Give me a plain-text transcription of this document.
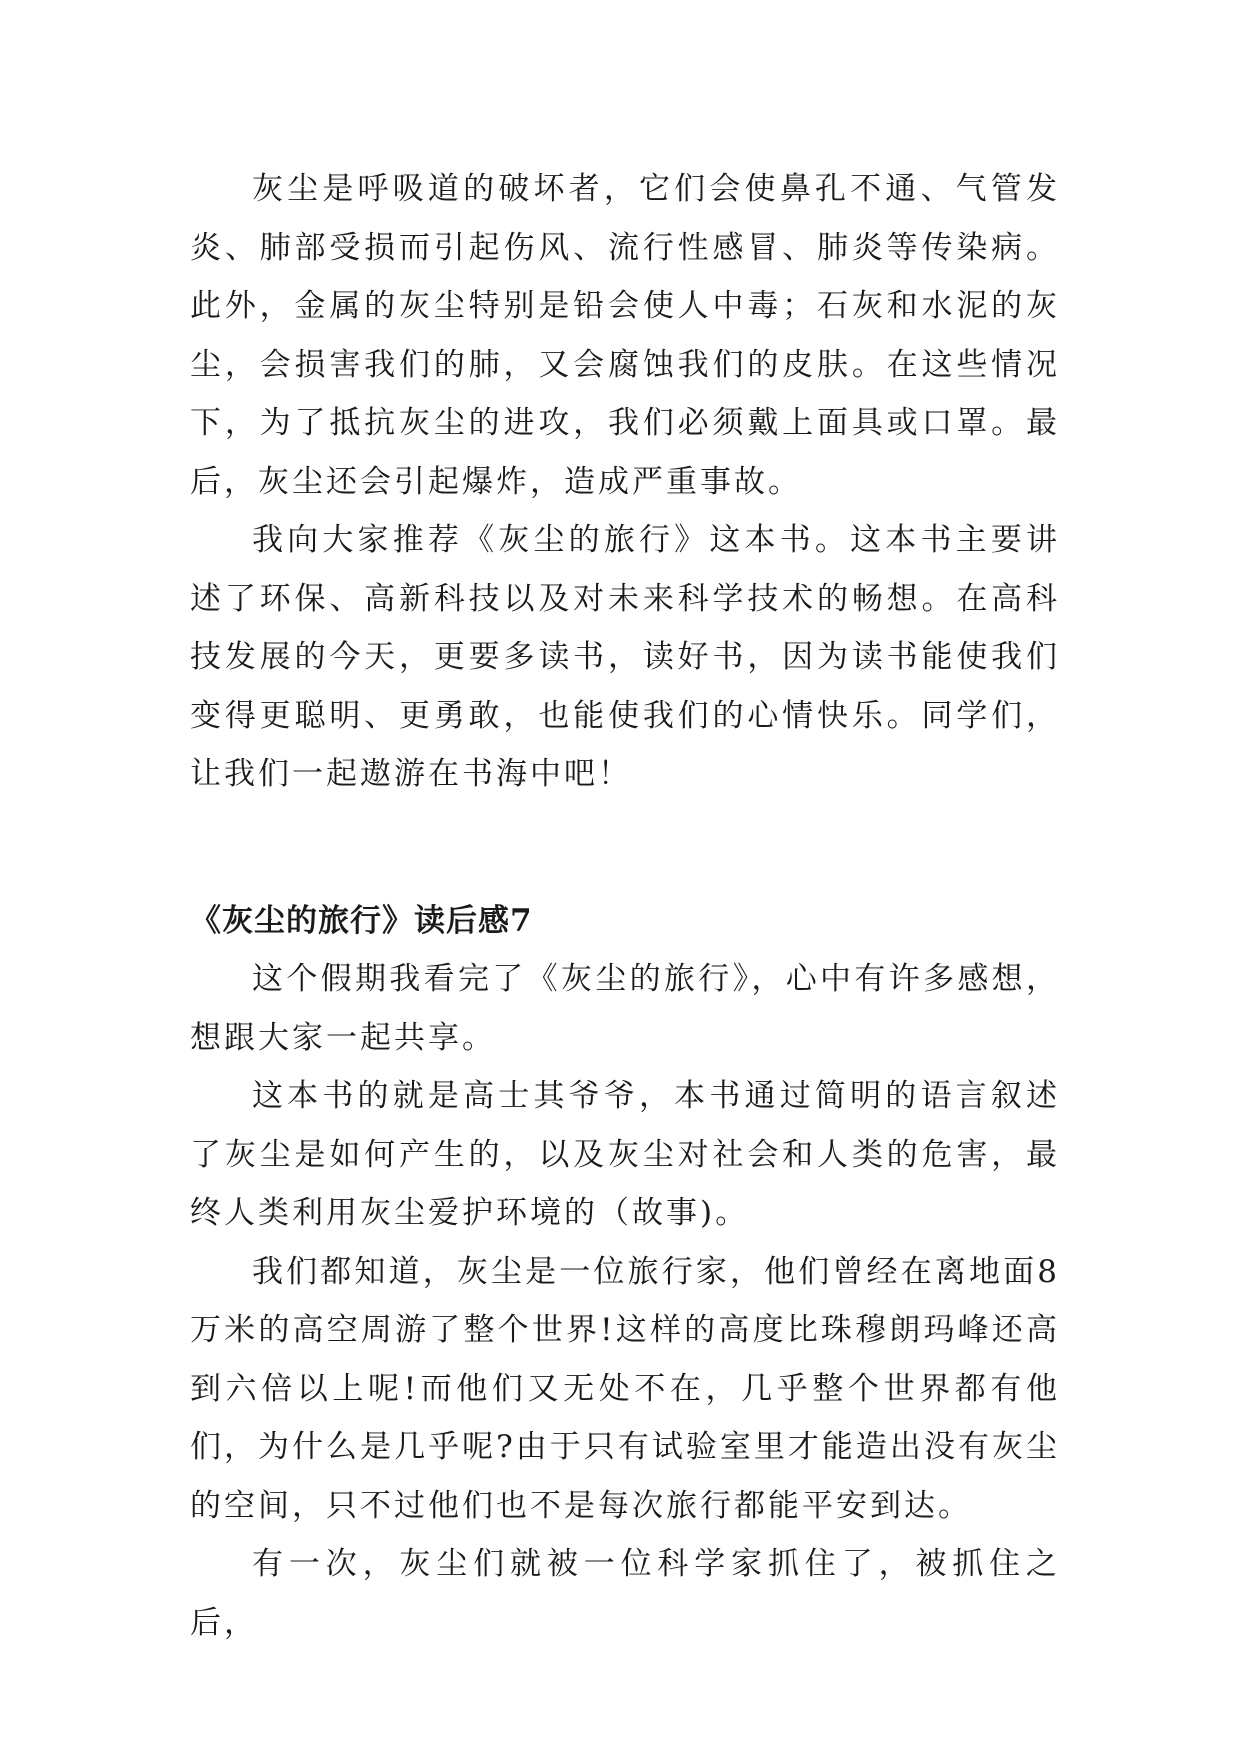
灰尘是呼吸道的破坏者，它们会使鼻孔不通、气管发炎、肺部受损而引起伤风、流行性感冒、肺炎等传染病。此外，金属的灰尘特别是铅会使人中毒；石灰和水泥的灰尘，会损害我们的肺，又会腐蚀我们的皮肤。在这些情况下，为了抵抗灰尘的进攻，我们必须戴上面具或口罩。最后，灰尘还会引起爆炸，造成严重事故。

我向大家推荐《灰尘的旅行》这本书。这本书主要讲述了环保、高新科技以及对未来科学技术的畅想。在高科技发展的今天，更要多读书，读好书，因为读书能使我们变得更聪明、更勇敢，也能使我们的心情快乐。同学们，让我们一起遨游在书海中吧！

《灰尘的旅行》读后感7

这个假期我看完了《灰尘的旅行》，心中有许多感想，想跟大家一起共享。

这本书的就是高士其爷爷，本书通过简明的语言叙述了灰尘是如何产生的，以及灰尘对社会和人类的危害，最终人类利用灰尘爱护环境的（故事)。

我们都知道，灰尘是一位旅行家，他们曾经在离地面8万米的高空周游了整个世界!这样的高度比珠穆朗玛峰还高到六倍以上呢!而他们又无处不在，几乎整个世界都有他们，为什么是几乎呢?由于只有试验室里才能造出没有灰尘的空间，只不过他们也不是每次旅行都能平安到达。

有一次，灰尘们就被一位科学家抓住了，被抓住之后，
